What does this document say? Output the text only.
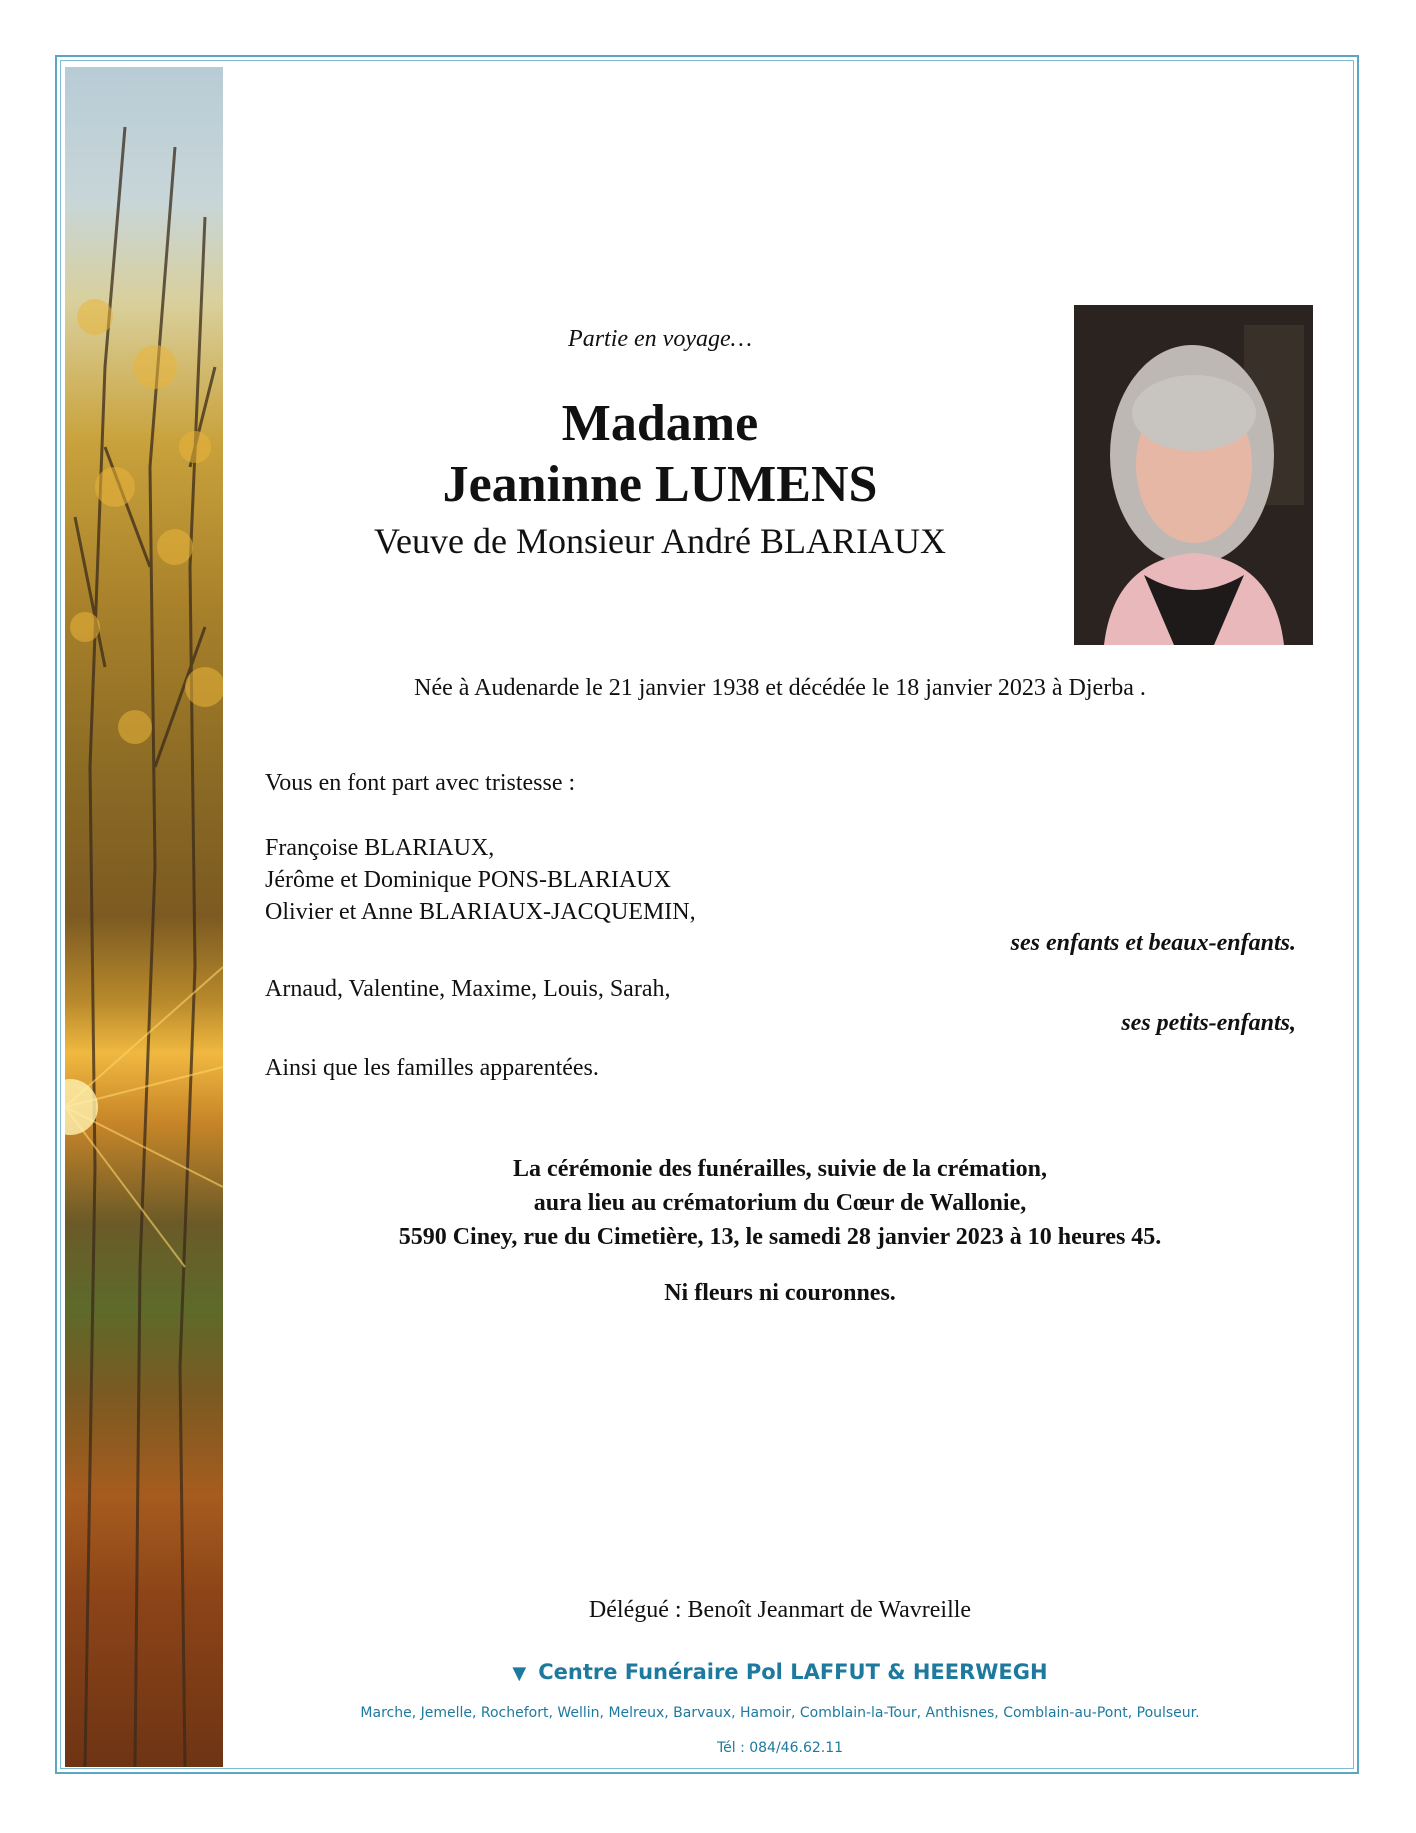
Partie en voyage…
Madame
Jeaninne LUMENS
Veuve de Monsieur André BLARIAUX
Née à Audenarde le 21 janvier 1938 et décédée le 18 janvier 2023 à Djerba .
Vous en font part avec tristesse :
Françoise BLARIAUX,
Jérôme et Dominique PONS-BLARIAUX
Olivier et Anne BLARIAUX-JACQUEMIN,
ses enfants et beaux-enfants.
Arnaud, Valentine, Maxime, Louis, Sarah,
ses petits-enfants,
Ainsi que les familles apparentées.
La cérémonie des funérailles, suivie de la crémation,
aura lieu au crématorium du Cœur de Wallonie,
5590 Ciney, rue du Cimetière, 13, le samedi 28 janvier 2023 à 10 heures 45.
Ni fleurs ni couronnes.
Délégué : Benoît Jeanmart de Wavreille
▼ Centre Funéraire Pol LAFFUT & HEERWEGH
Marche, Jemelle, Rochefort, Wellin, Melreux, Barvaux, Hamoir, Comblain-la-Tour, Anthisnes, Comblain-au-Pont, Poulseur.
Tél : 084/46.62.11
